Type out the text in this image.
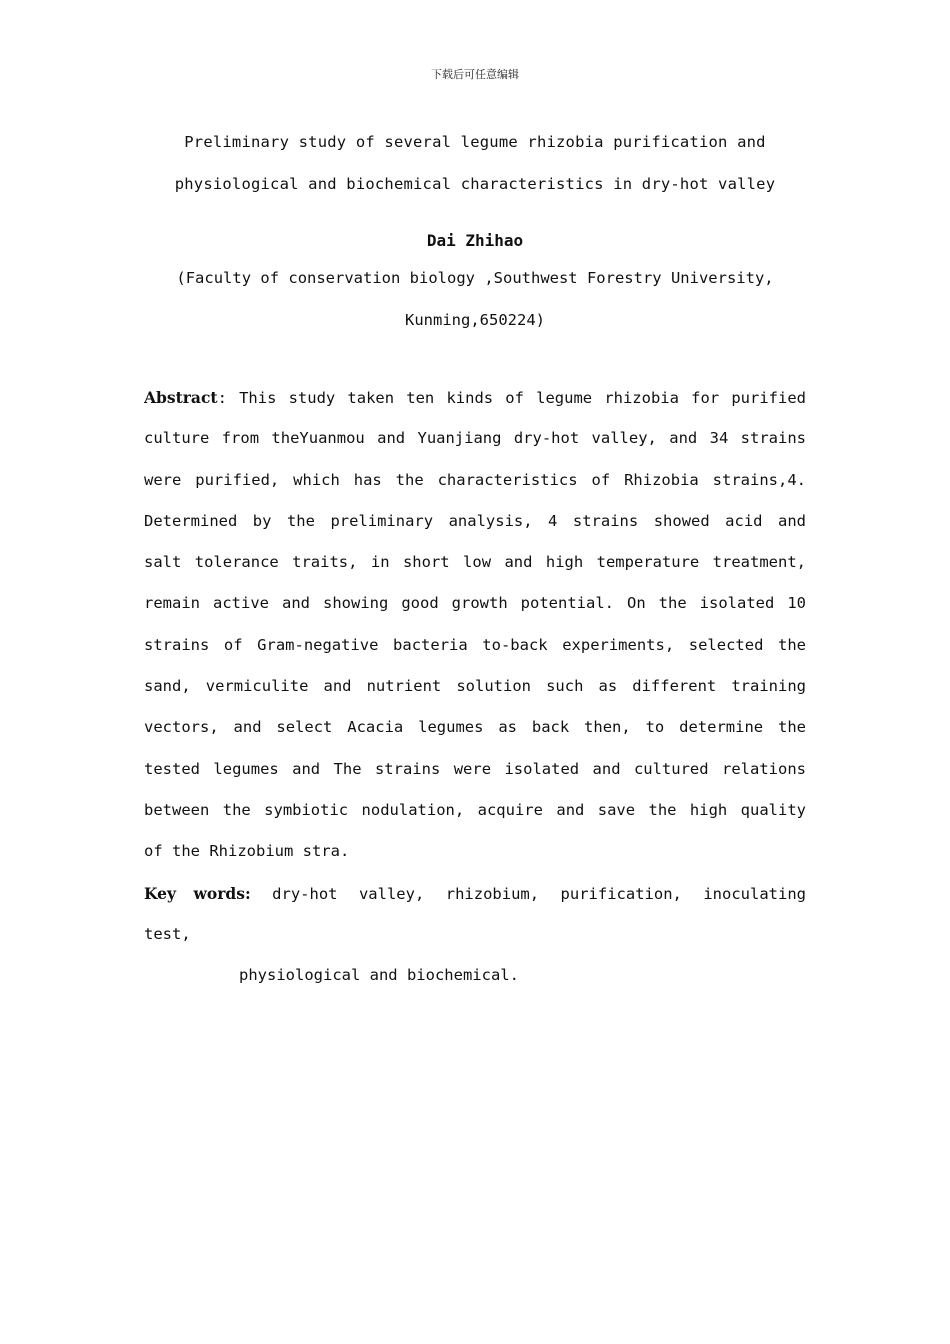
下载后可任意编辑
Preliminary study of several legume rhizobia purification and
physiological and biochemical characteristics in dry-hot valley
Dai Zhihao
(Faculty of conservation biology ,Southwest Forestry University,
Kunming,650224)
Abstract: This study taken ten kinds of legume rhizobia for purified
culture from theYuanmou and Yuanjiang dry-hot valley, and 34 strains
were purified, which has the characteristics of Rhizobia strains,4.
Determined by the preliminary analysis, 4 strains showed acid and
salt tolerance traits, in short low and high temperature treatment,
remain active and showing good growth potential. On the isolated 10
strains of Gram-negative bacteria to-back experiments, selected the
sand, vermiculite and nutrient solution such as different training
vectors, and select Acacia legumes as back then, to determine the
tested legumes and The strains were isolated and cultured relations
between the symbiotic nodulation, acquire and save the high quality
of the Rhizobium stra.
Key words: dry-hot valley, rhizobium, purification, inoculating
test,
physiological and biochemical.
